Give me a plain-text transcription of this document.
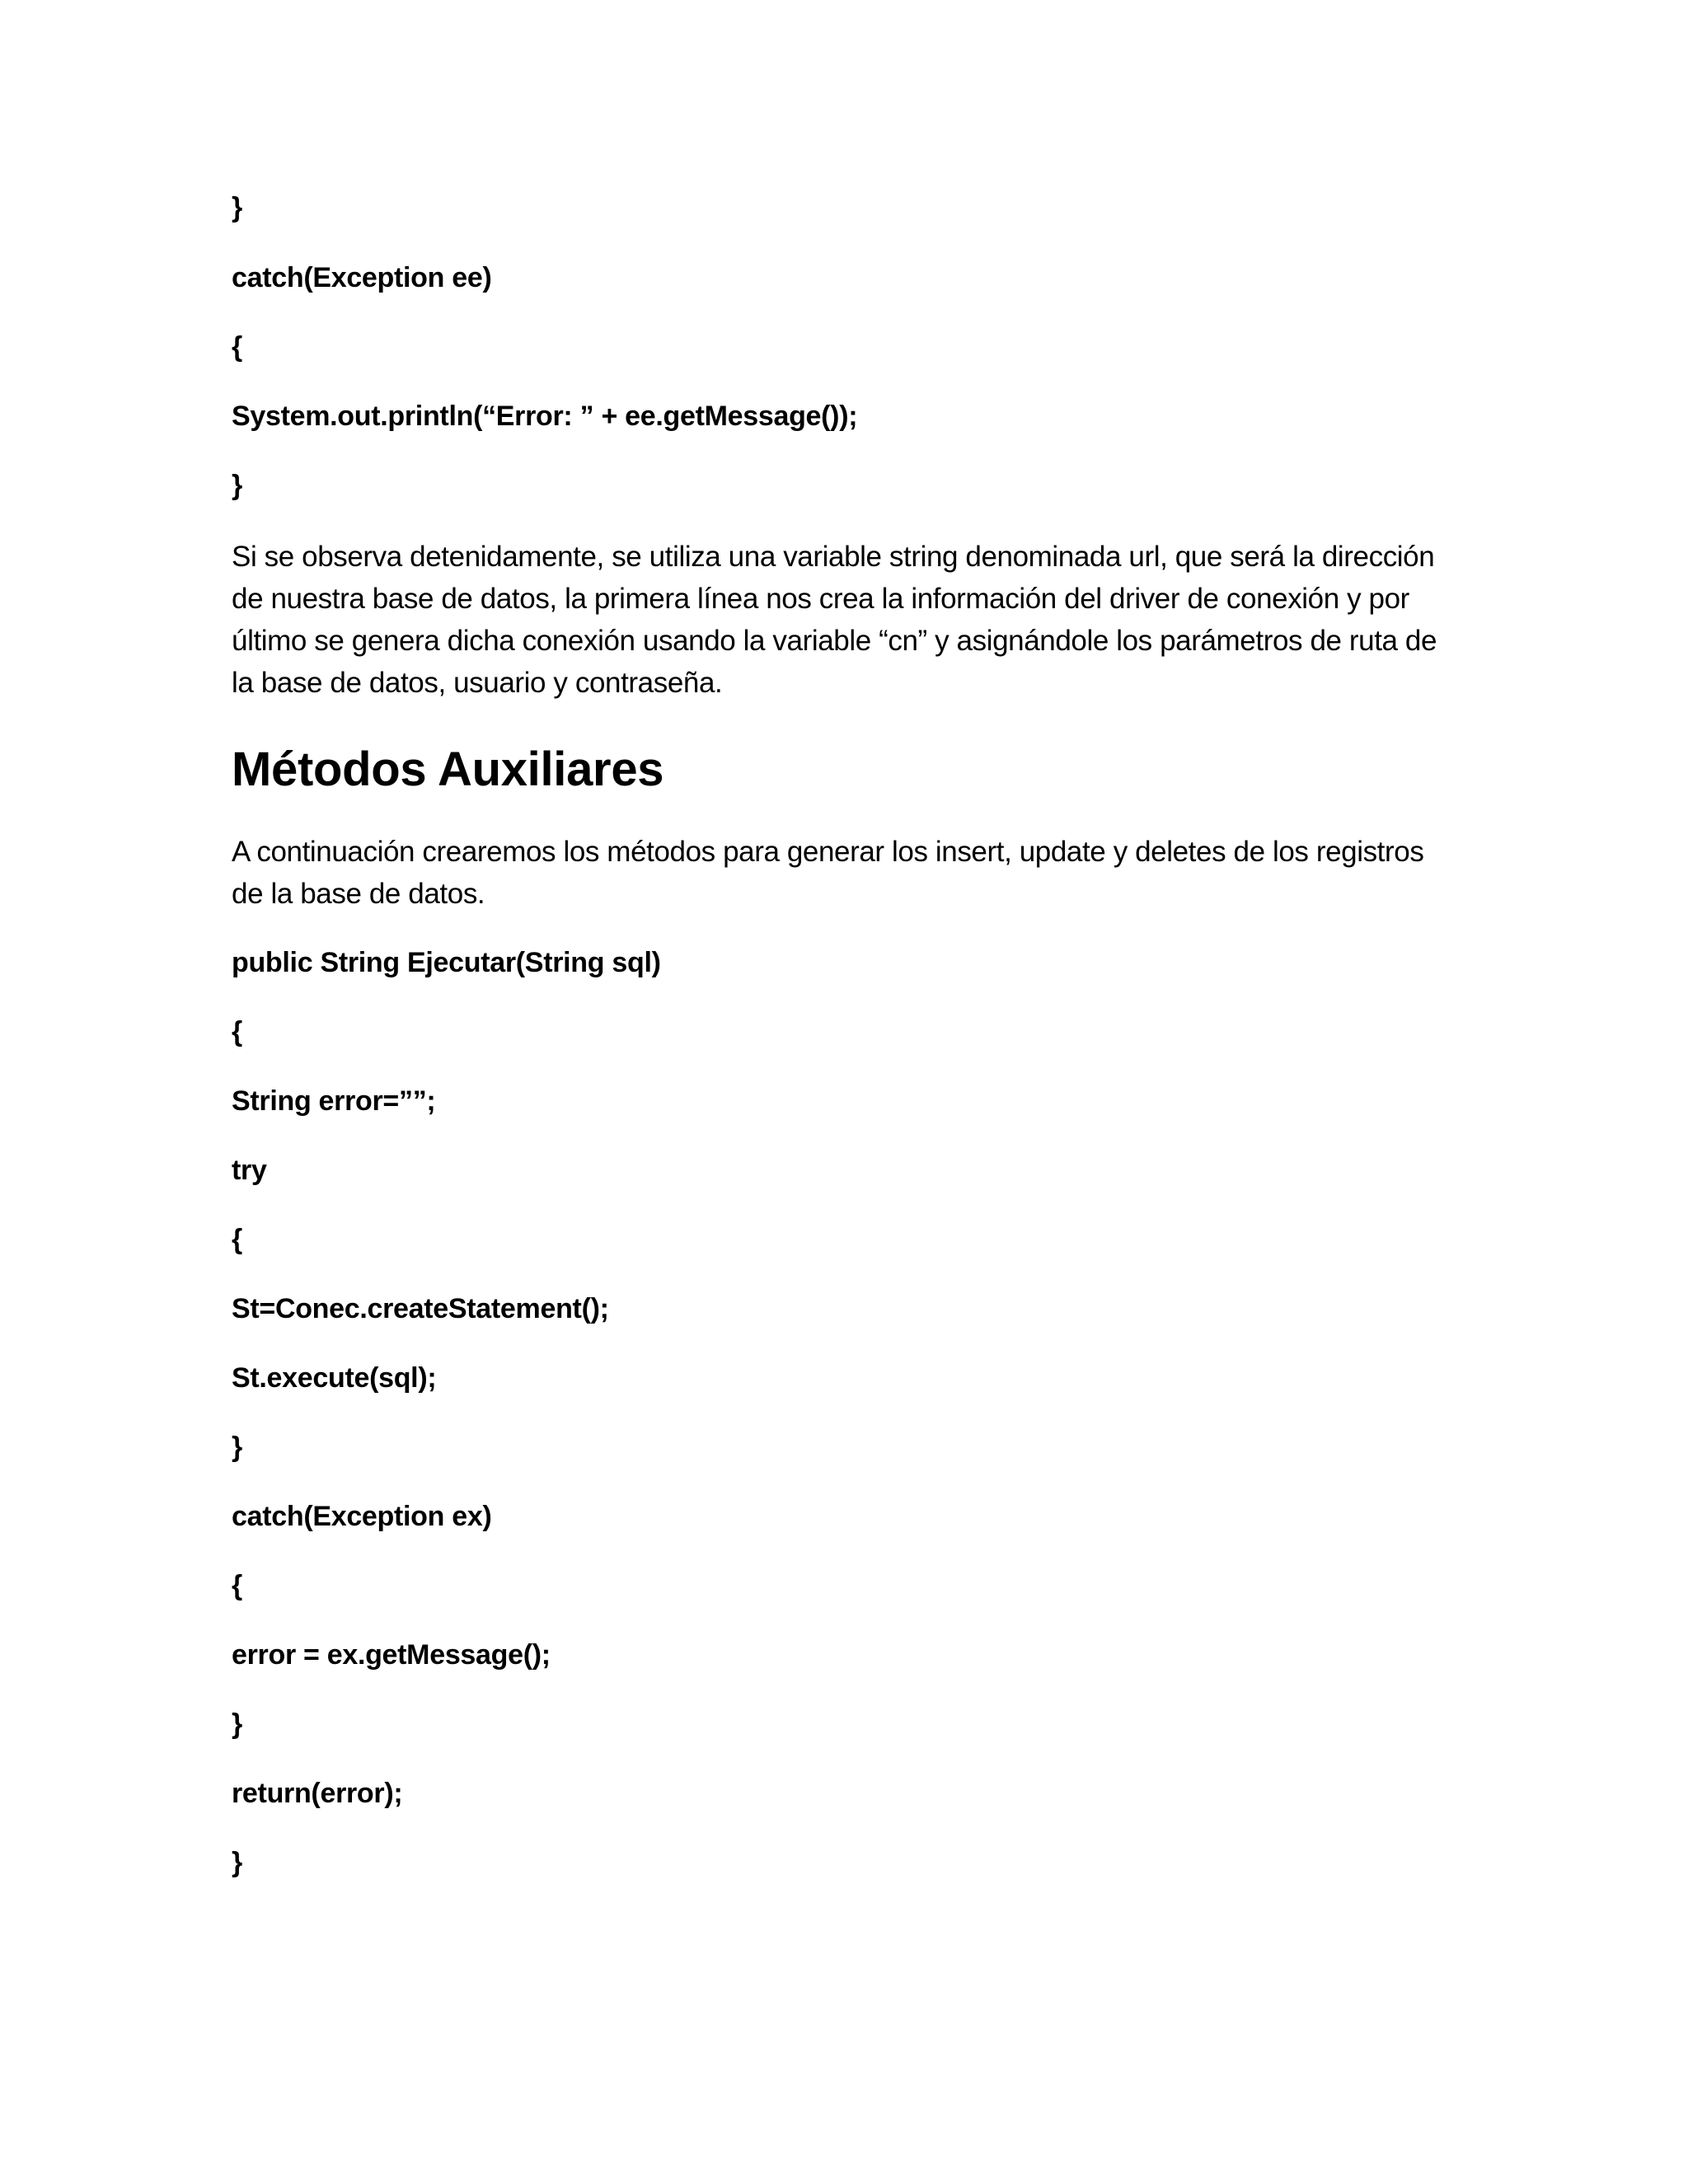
}

catch(Exception ee)

{

System.out.println(“Error: ” + ee.getMessage());

}

Si se observa detenidamente, se utiliza una variable string denominada url, que será la dirección de nuestra base de datos, la primera línea nos crea la información del driver de conexión y por último se genera dicha conexión usando la variable “cn” y asignándole los parámetros de ruta de la base de datos, usuario y contraseña.

Métodos Auxiliares

A continuación crearemos los métodos para generar los insert, update y deletes de los registros de la base de datos.

public String Ejecutar(String sql)

{

String error=””;

try

{

St=Conec.createStatement();

St.execute(sql);

}

catch(Exception ex)

{

error = ex.getMessage();

}

return(error);

}
